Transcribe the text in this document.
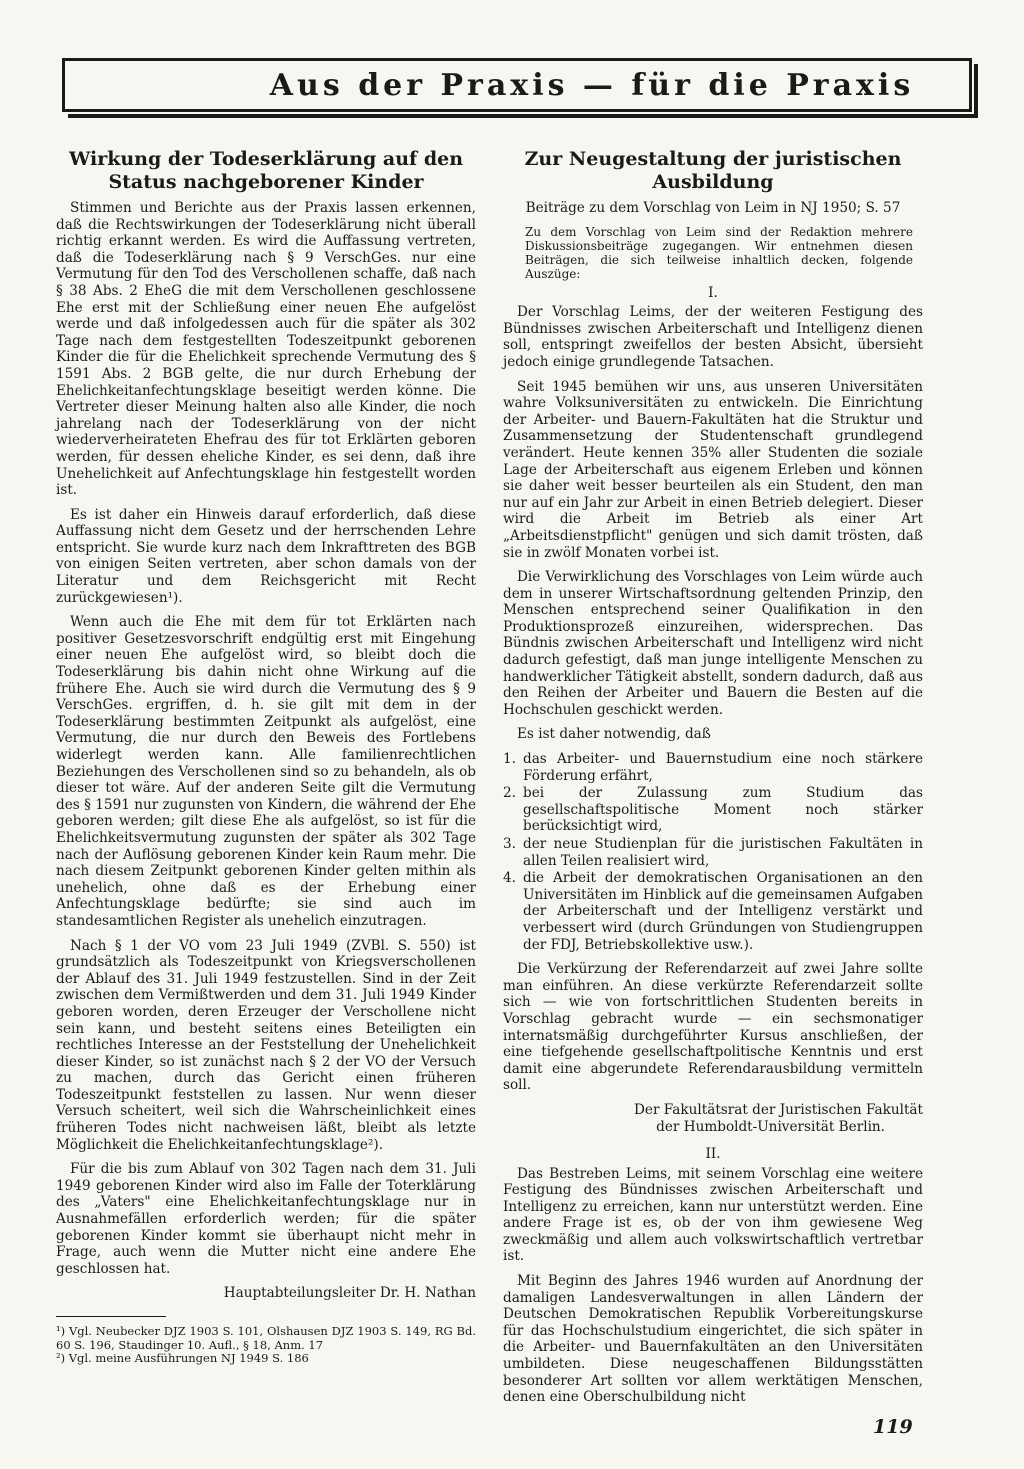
Aus der Praxis — für die Praxis
Wirkung der Todeserklärung auf den Status nachgeborener Kinder

Stimmen und Berichte aus der Praxis lassen erkennen, daß die Rechtswirkungen der Todeserklärung nicht überall richtig erkannt werden. Es wird die Auffassung vertreten, daß die Todeserklärung nach § 9 VerschGes. nur eine Vermutung für den Tod des Verschollenen schaffe, daß nach § 38 Abs. 2 EheG die mit dem Verschollenen geschlossene Ehe erst mit der Schließung einer neuen Ehe aufgelöst werde und daß infolgedessen auch für die später als 302 Tage nach dem festgestellten Todeszeitpunkt geborenen Kinder die für die Ehelichkeit sprechende Vermutung des § 1591 Abs. 2 BGB gelte, die nur durch Erhebung der Ehelichkeitanfechtungsklage beseitigt werden könne. Die Vertreter dieser Meinung halten also alle Kinder, die noch jahrelang nach der Todeserklärung von der nicht wiederverheirateten Ehefrau des für tot Erklärten geboren werden, für dessen eheliche Kinder, es sei denn, daß ihre Unehelichkeit auf Anfechtungsklage hin festgestellt worden ist.

Es ist daher ein Hinweis darauf erforderlich, daß diese Auffassung nicht dem Gesetz und der herrschenden Lehre entspricht. Sie wurde kurz nach dem Inkrafttreten des BGB von einigen Seiten vertreten, aber schon damals von der Literatur und dem Reichsgericht mit Recht zurückgewiesen¹).

Wenn auch die Ehe mit dem für tot Erklärten nach positiver Gesetzesvorschrift endgültig erst mit Eingehung einer neuen Ehe aufgelöst wird, so bleibt doch die Todeserklärung bis dahin nicht ohne Wirkung auf die frühere Ehe. Auch sie wird durch die Vermutung des § 9 VerschGes. ergriffen, d. h. sie gilt mit dem in der Todeserklärung bestimmten Zeitpunkt als aufgelöst, eine Vermutung, die nur durch den Beweis des Fortlebens widerlegt werden kann. Alle familienrechtlichen Beziehungen des Verschollenen sind so zu behandeln, als ob dieser tot wäre. Auf der anderen Seite gilt die Vermutung des § 1591 nur zugunsten von Kindern, die während der Ehe geboren werden; gilt diese Ehe als aufgelöst, so ist für die Ehelichkeitsvermutung zugunsten der später als 302 Tage nach der Auflösung geborenen Kinder kein Raum mehr. Die nach diesem Zeitpunkt geborenen Kinder gelten mithin als unehelich, ohne daß es der Erhebung einer Anfechtungsklage bedürfte; sie sind auch im standesamtlichen Register als unehelich einzutragen.

Nach § 1 der VO vom 23 Juli 1949 (ZVBl. S. 550) ist grundsätzlich als Todeszeitpunkt von Kriegsverschollenen der Ablauf des 31. Juli 1949 festzustellen. Sind in der Zeit zwischen dem Vermißtwerden und dem 31. Juli 1949 Kinder geboren worden, deren Erzeuger der Verschollene nicht sein kann, und besteht seitens eines Beteiligten ein rechtliches Interesse an der Feststellung der Unehelichkeit dieser Kinder, so ist zunächst nach § 2 der VO der Versuch zu machen, durch das Gericht einen früheren Todeszeitpunkt feststellen zu lassen. Nur wenn dieser Versuch scheitert, weil sich die Wahrscheinlichkeit eines früheren Todes nicht nachweisen läßt, bleibt als letzte Möglichkeit die Ehelichkeitanfechtungsklage²).

Für die bis zum Ablauf von 302 Tagen nach dem 31. Juli 1949 geborenen Kinder wird also im Falle der Toterklärung des „Vaters" eine Ehelichkeitanfechtungsklage nur in Ausnahmefällen erforderlich werden; für die später geborenen Kinder kommt sie überhaupt nicht mehr in Frage, auch wenn die Mutter nicht eine andere Ehe geschlossen hat.

Hauptabteilungsleiter Dr. H. Nathan
¹) Vgl. Neubecker DJZ 1903 S. 101, Olshausen DJZ 1903 S. 149, RG Bd. 60 S. 196, Staudinger 10. Aufl., § 18, Anm. 17
²) Vgl. meine Ausführungen NJ 1949 S. 186
Zur Neugestaltung der juristischen Ausbildung
Beiträge zu dem Vorschlag von Leim in NJ 1950; S. 57
Zu dem Vorschlag von Leim sind der Redaktion mehrere Diskussionsbeiträge zugegangen. Wir entnehmen diesen Beiträgen, die sich teilweise inhaltlich decken, folgende Auszüge:
I.

Der Vorschlag Leims, der der weiteren Festigung des Bündnisses zwischen Arbeiterschaft und Intelligenz dienen soll, entspringt zweifellos der besten Absicht, übersieht jedoch einige grundlegende Tatsachen.

Seit 1945 bemühen wir uns, aus unseren Universitäten wahre Volksuniversitäten zu entwickeln. Die Einrichtung der Arbeiter- und Bauern-Fakultäten hat die Struktur und Zusammensetzung der Studentenschaft grundlegend verändert. Heute kennen 35% aller Studenten die soziale Lage der Arbeiterschaft aus eigenem Erleben und können sie daher weit besser beurteilen als ein Student, den man nur auf ein Jahr zur Arbeit in einen Betrieb delegiert. Dieser wird die Arbeit im Betrieb als einer Art „Arbeitsdienstpflicht" genügen und sich damit trösten, daß sie in zwölf Monaten vorbei ist.

Die Verwirklichung des Vorschlages von Leim würde auch dem in unserer Wirtschaftsordnung geltenden Prinzip, den Menschen entsprechend seiner Qualifikation in den Produktionsprozeß einzureihen, widersprechen. Das Bündnis zwischen Arbeiterschaft und Intelligenz wird nicht dadurch gefestigt, daß man junge intelligente Menschen zu handwerklicher Tätigkeit abstellt, sondern dadurch, daß aus den Reihen der Arbeiter und Bauern die Besten auf die Hochschulen geschickt werden.

Es ist daher notwendig, daß

1. das Arbeiter- und Bauernstudium eine noch stärkere Förderung erfährt,
2. bei der Zulassung zum Studium das gesellschaftspolitische Moment noch stärker berücksichtigt wird,
3. der neue Studienplan für die juristischen Fakultäten in allen Teilen realisiert wird,
4. die Arbeit der demokratischen Organisationen an den Universitäten im Hinblick auf die gemeinsamen Aufgaben der Arbeiterschaft und der Intelligenz verstärkt und verbessert wird (durch Gründungen von Studiengruppen der FDJ, Betriebskollektive usw.).

Die Verkürzung der Referendarzeit auf zwei Jahre sollte man einführen. An diese verkürzte Referendarzeit sollte sich — wie von fortschrittlichen Studenten bereits in Vorschlag gebracht wurde — ein sechsmonatiger internatsmäßig durchgeführter Kursus anschließen, der eine tiefgehende gesellschaftpolitische Kenntnis und erst damit eine abgerundete Referendarausbildung vermitteln soll.

Der Fakultätsrat der Juristischen Fakultät
der Humboldt-Universität Berlin.
II.

Das Bestreben Leims, mit seinem Vorschlag eine weitere Festigung des Bündnisses zwischen Arbeiterschaft und Intelligenz zu erreichen, kann nur unterstützt werden. Eine andere Frage ist es, ob der von ihm gewiesene Weg zweckmäßig und allem auch volkswirtschaftlich vertretbar ist.

Mit Beginn des Jahres 1946 wurden auf Anordnung der damaligen Landesverwaltungen in allen Ländern der Deutschen Demokratischen Republik Vorbereitungskurse für das Hochschulstudium eingerichtet, die sich später in die Arbeiter- und Bauernfakultäten an den Universitäten umbildeten. Diese neugeschaffenen Bildungsstätten besonderer Art sollten vor allem werktätigen Menschen, denen eine Oberschulbildung nicht

119
